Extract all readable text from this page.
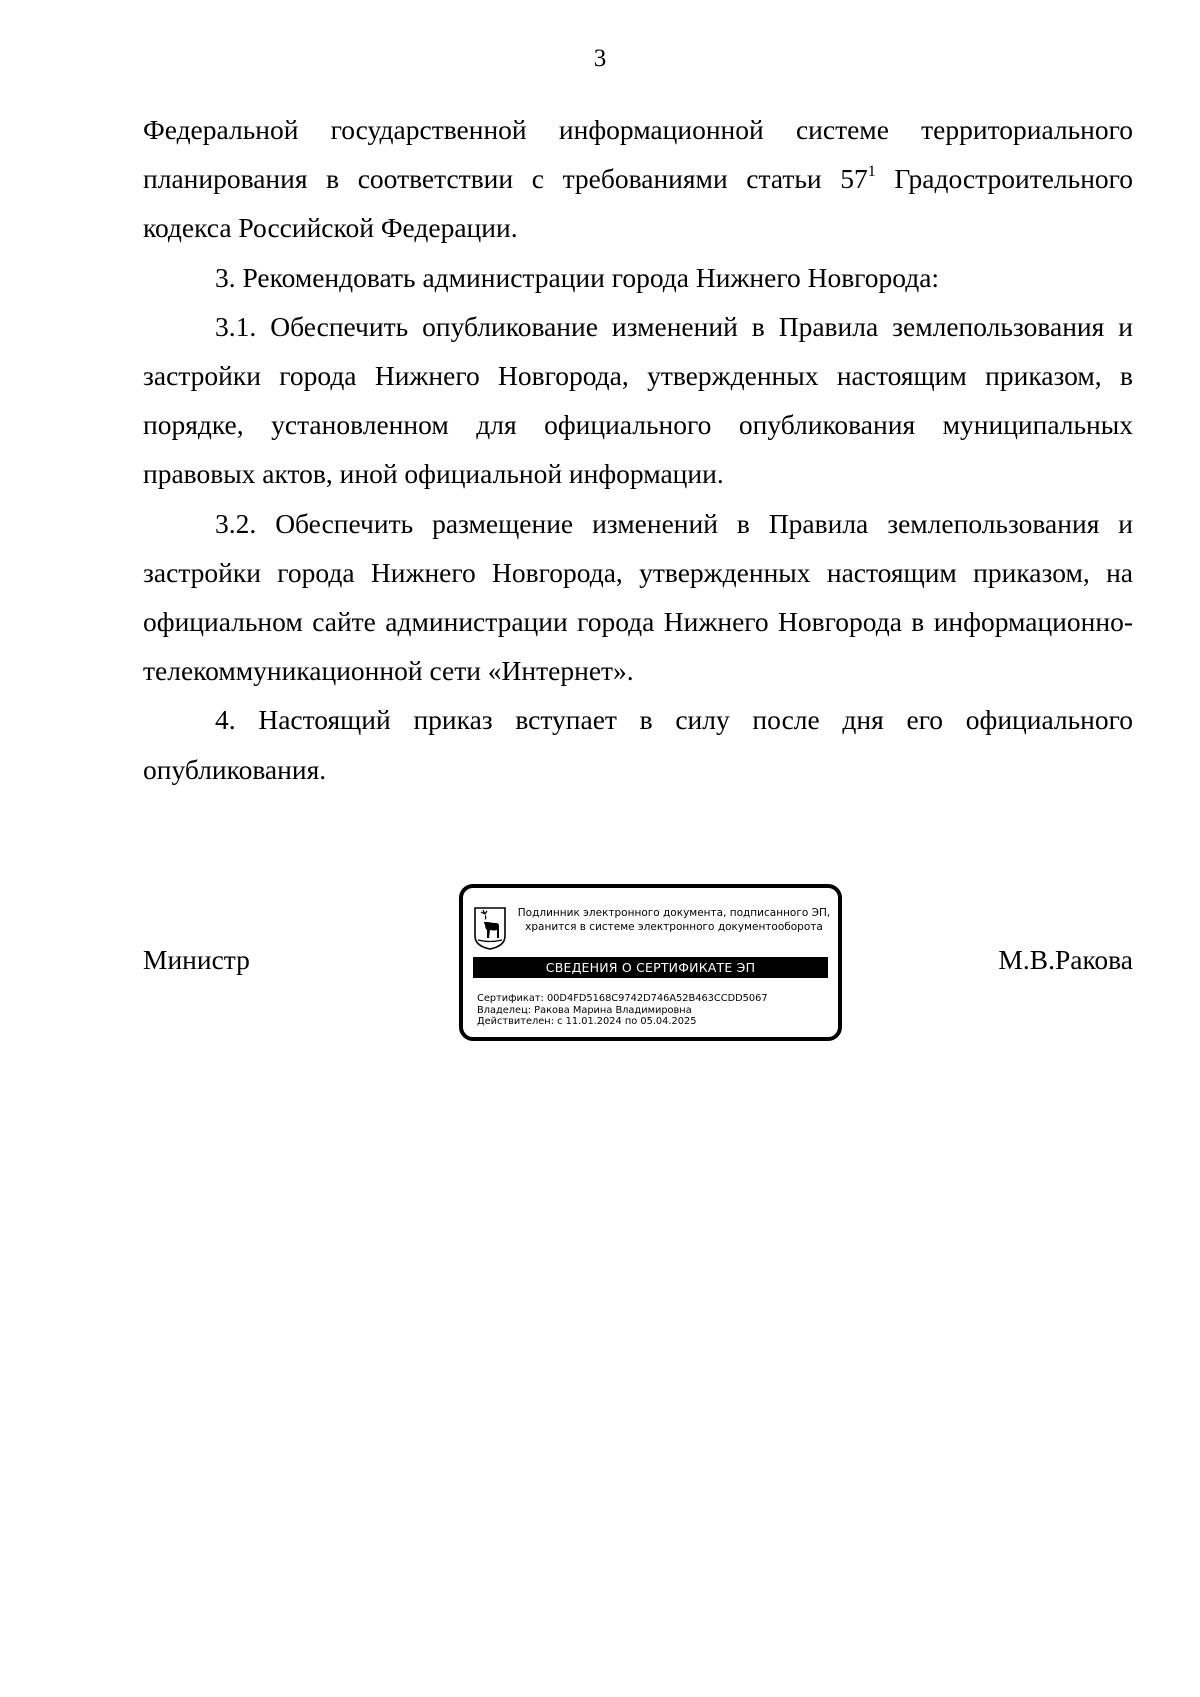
3

Федеральной государственной информационной системе территориального планирования в соответствии с требованиями статьи $57^1$ Градостроительного кодекса Российской Федерации.

3. Рекомендовать администрации города Нижнего Новгорода:

3.1. Обеспечить опубликование изменений в Правила землепользования и застройки города Нижнего Новгорода, утвержденных настоящим приказом, в порядке, установленном для официального опубликования муниципальных правовых актов, иной официальной информации.

3.2. Обеспечить размещение изменений в Правила землепользования и застройки города Нижнего Новгорода, утвержденных настоящим приказом, на официальном сайте администрации города Нижнего Новгорода в информационно-телекоммуникационной сети «Интернет».

4. Настоящий приказ вступает в силу после дня его официального опубликования.

Министр	М.В.Ракова
Подлинник электронного документа, подписанного ЭП,
хранится в системе электронного документооборота
СВЕДЕНИЯ О СЕРТИФИКАТЕ ЭП
Сертификат: 00D4FD5168C9742D746A52B463CCDD5067
Владелец: Ракова Марина Владимировна
Действителен: с 11.01.2024 по 05.04.2025
